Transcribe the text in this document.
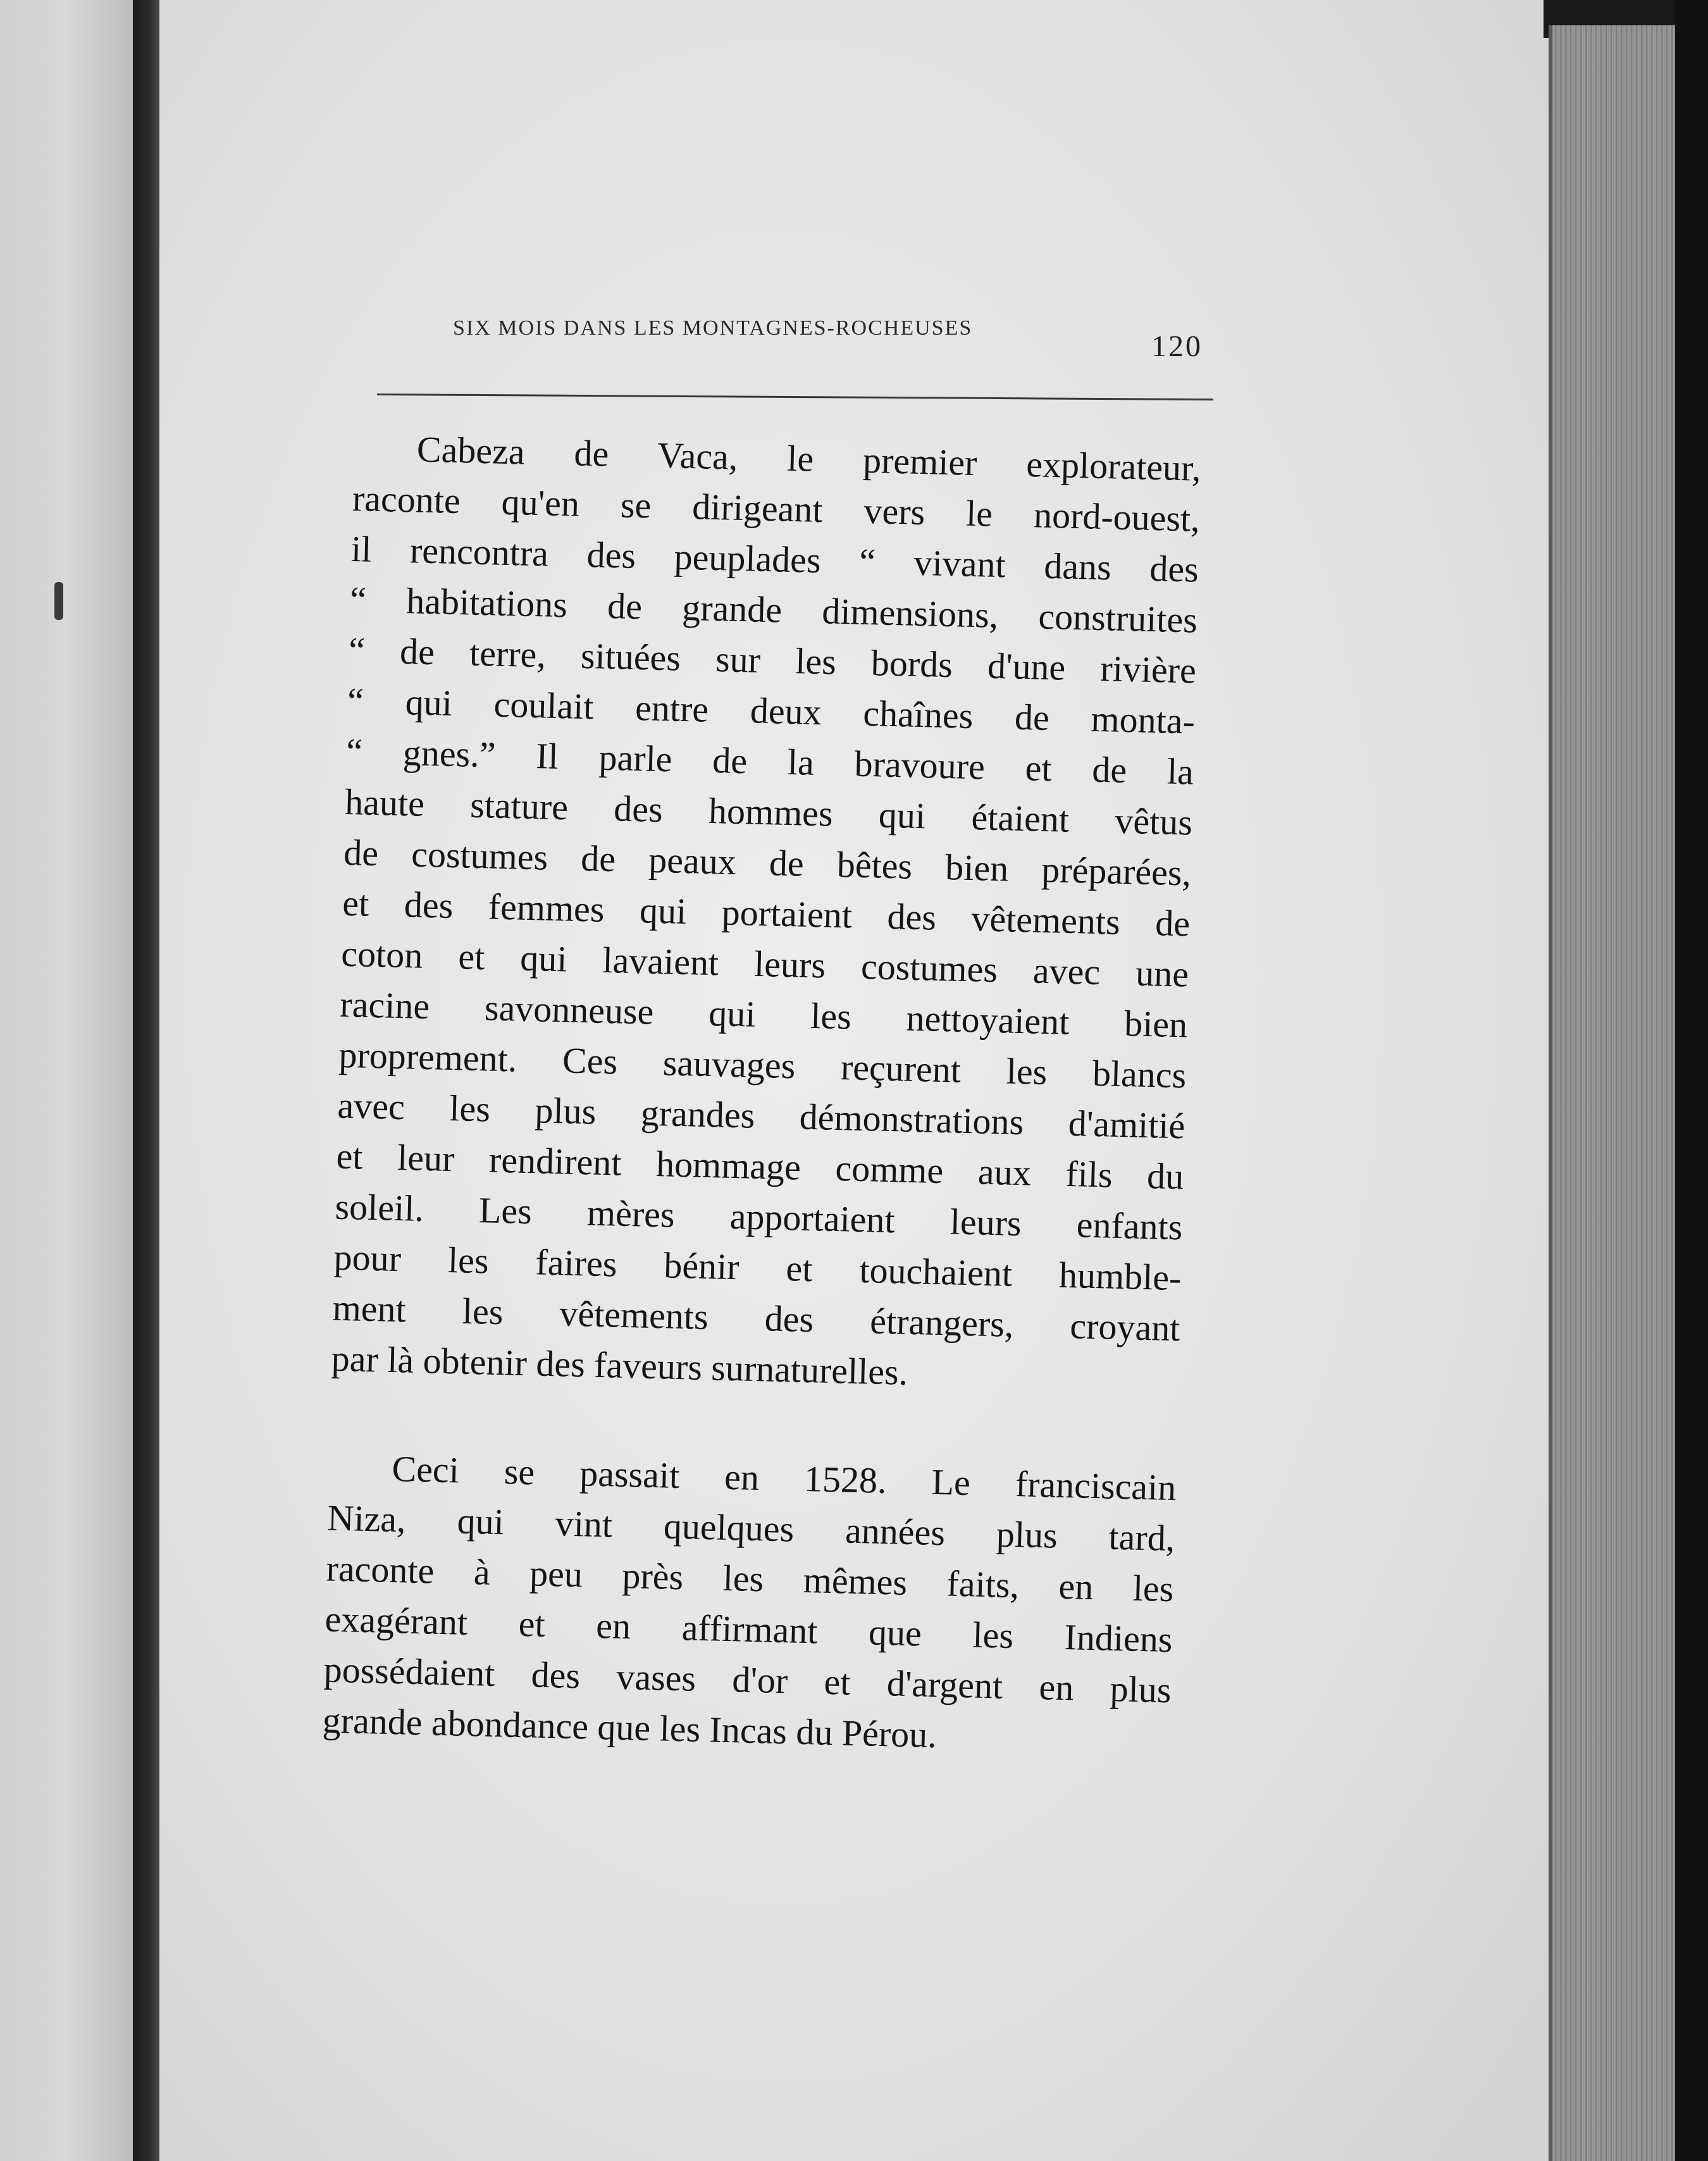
SIX MOIS DANS LES MONTAGNES-ROCHEUSES
120
Cabeza de Vaca, le premier explorateur,
raconte qu'en se dirigeant vers le nord-ouest,
il rencontra des peuplades “ vivant dans des
“ habitations de grande dimensions, construites
“ de terre, situées sur les bords d'une rivière
“ qui coulait entre deux chaînes de monta-
“ gnes.” Il parle de la bravoure et de la
haute stature des hommes qui étaient vêtus
de costumes de peaux de bêtes bien préparées,
et des femmes qui portaient des vêtements de
coton et qui lavaient leurs costumes avec une
racine savonneuse qui les nettoyaient bien
proprement. Ces sauvages reçurent les blancs
avec les plus grandes démonstrations d'amitié
et leur rendirent hommage comme aux fils du
soleil. Les mères apportaient leurs enfants
pour les faires bénir et touchaient humble-
ment les vêtements des étrangers, croyant
par là obtenir des faveurs surnaturelles.
Ceci se passait en 1528. Le franciscain
Niza, qui vint quelques années plus tard,
raconte à peu près les mêmes faits, en les
exagérant et en affirmant que les Indiens
possédaient des vases d'or et d'argent en plus
grande abondance que les Incas du Pérou.
